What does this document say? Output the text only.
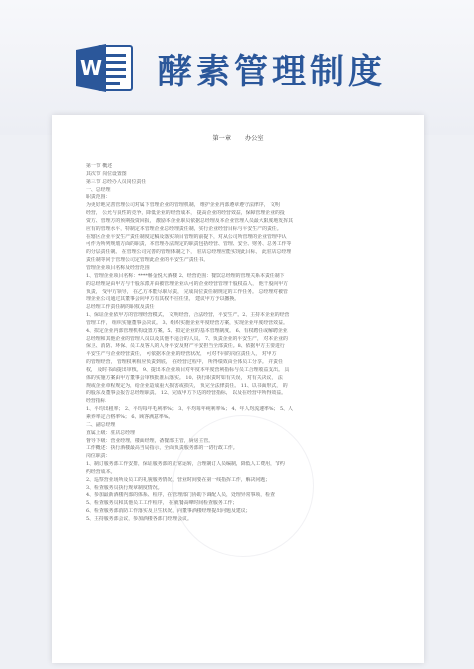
W 酵素管理制度
第一章 办公室
第一节 概述
其次节 岗位设置图
第三节 总经办人员岗位责任
一、总经理
职责范围：
为更好地完善管理公司对属下管理企业的管理机制， 维护企业内部遵章遵守法律序， 文明
经营， 公允与良性的竞争，降低企业的经营成本， 提高企业的经营效益，保障管理企业的投
资方、管理方的预期投资回报， 激励本企业职员依据总经理及本企业管理人员最大限度地发挥其
应有的管理水平，特制定本管理企业总经理责任制，实行企业经营目标与平安生产的责任。
在辖区企业平安生产责任制度定稿及落实项目管理的前提下，对从公司所管理的企业管理中认
可作为所列规划方面的职责，本管理办法规定的职责包括经营、管理、安全、财务、总务工作等
的分层责任制。 在管理公司完善的管理体制之下， 驻店总经理应能实现此目标， 此驻店总经理
责任制等同于管理公司定管理此企业的平安生产责任书。
管理企业项目名称及经营范围
1、管理企业项目名称：****斛金悦大酒楼 2、经营范围：餐饮总经理的管理关系本责任制下
的总经理是由甲方与干股东派并由被管理企业认可的企业经营管理干股权益人， 他干股向甲方
负责， 受甲方领导， 在乙方本能尽职尽责， 完成岗位责任制规定的工作任务。 总经理对被管
理企业公司通过其董事会向甲方有其权不往任里， 建议甲方予以撤换。
总经理工作责任制的职权及责任
1、保证企业依甲方的管理经营模式， 文明经营，合法经营，平安生产。2、主持本企业的经营
管理工作， 组织实施董事会决议。 3、组织实施企业年度经营方案，实现企业年度经营效益。
4、拟定企业内部管理机构设置方案。5、拟定企业的基本管理制度。 6、有权聘任或解聘企业
总经理和其他企业的管理人员以及其他不适合的人员。 7、负责企业的平安生产， 对本企业的
保卫、消防、环保、员工及客人的人身平安及财产平安担当全部责任。8、依据甲方主要进行
平安生产与企业经营责任， 可依据本企业的经营状况， 可对不同的岗位责任人， 对甲方
的管理经营， 管理权利相应负责到底， 在经营过程中， 所得绩效由全体员工分享。 并责任
权， 及时书面提出审核。 9、提出本企业项目对年度本年度营利指标与员工合理收益支出。 具
体的实施方案由甲方董事会审核批准后落实。 10、执行职责时如有失误， 对有关决议， 法
规或企业章程规定为，给企业造成重大损害或损失， 负完全法律责任。 11、以书面形式， 的
的股东及董事会报告总经理职责。 12、完成甲方下达的经营指标， 以及在经营中所得效益。
经营指标
1、平均出租率； 2、平均每年毛利率%； 3、平均每年纯利率%； 4、年人均流速率%； 5、人
素养率定合格率%； 6、顾客满意率%。
二、副总经理
直属上级：驻店总经理
督导下级：营业经理，楼面经理，备餐部主管，厨房主管。
工作概述：执行酒楼最高当局指示，全面负责服务部的一切行政工作。
岗位职责：
1、制订服务部工作安排，保证服务部的正常运转，合理制订人员编制，降低人工费用，节约
约经营成本。
2、巡察营业场所及员工的礼貌服务情况，营业时间要在第一线指挥工作，解决问题；
3、检查服务员执行规章制度情况。
4、参加最新酒楼内部的体系、程序，在管理部门协助下调配人员，处理异常事项，检查
5、检查服务员和其他员工工作程序， 在就餐高峰时间检查服务工作；
6、检查服务部消防工作落实及卫生状况，向董事酒楼经理提出问题及建议；
5、主持服务部会议，参加酒楼各部门经理会议。
